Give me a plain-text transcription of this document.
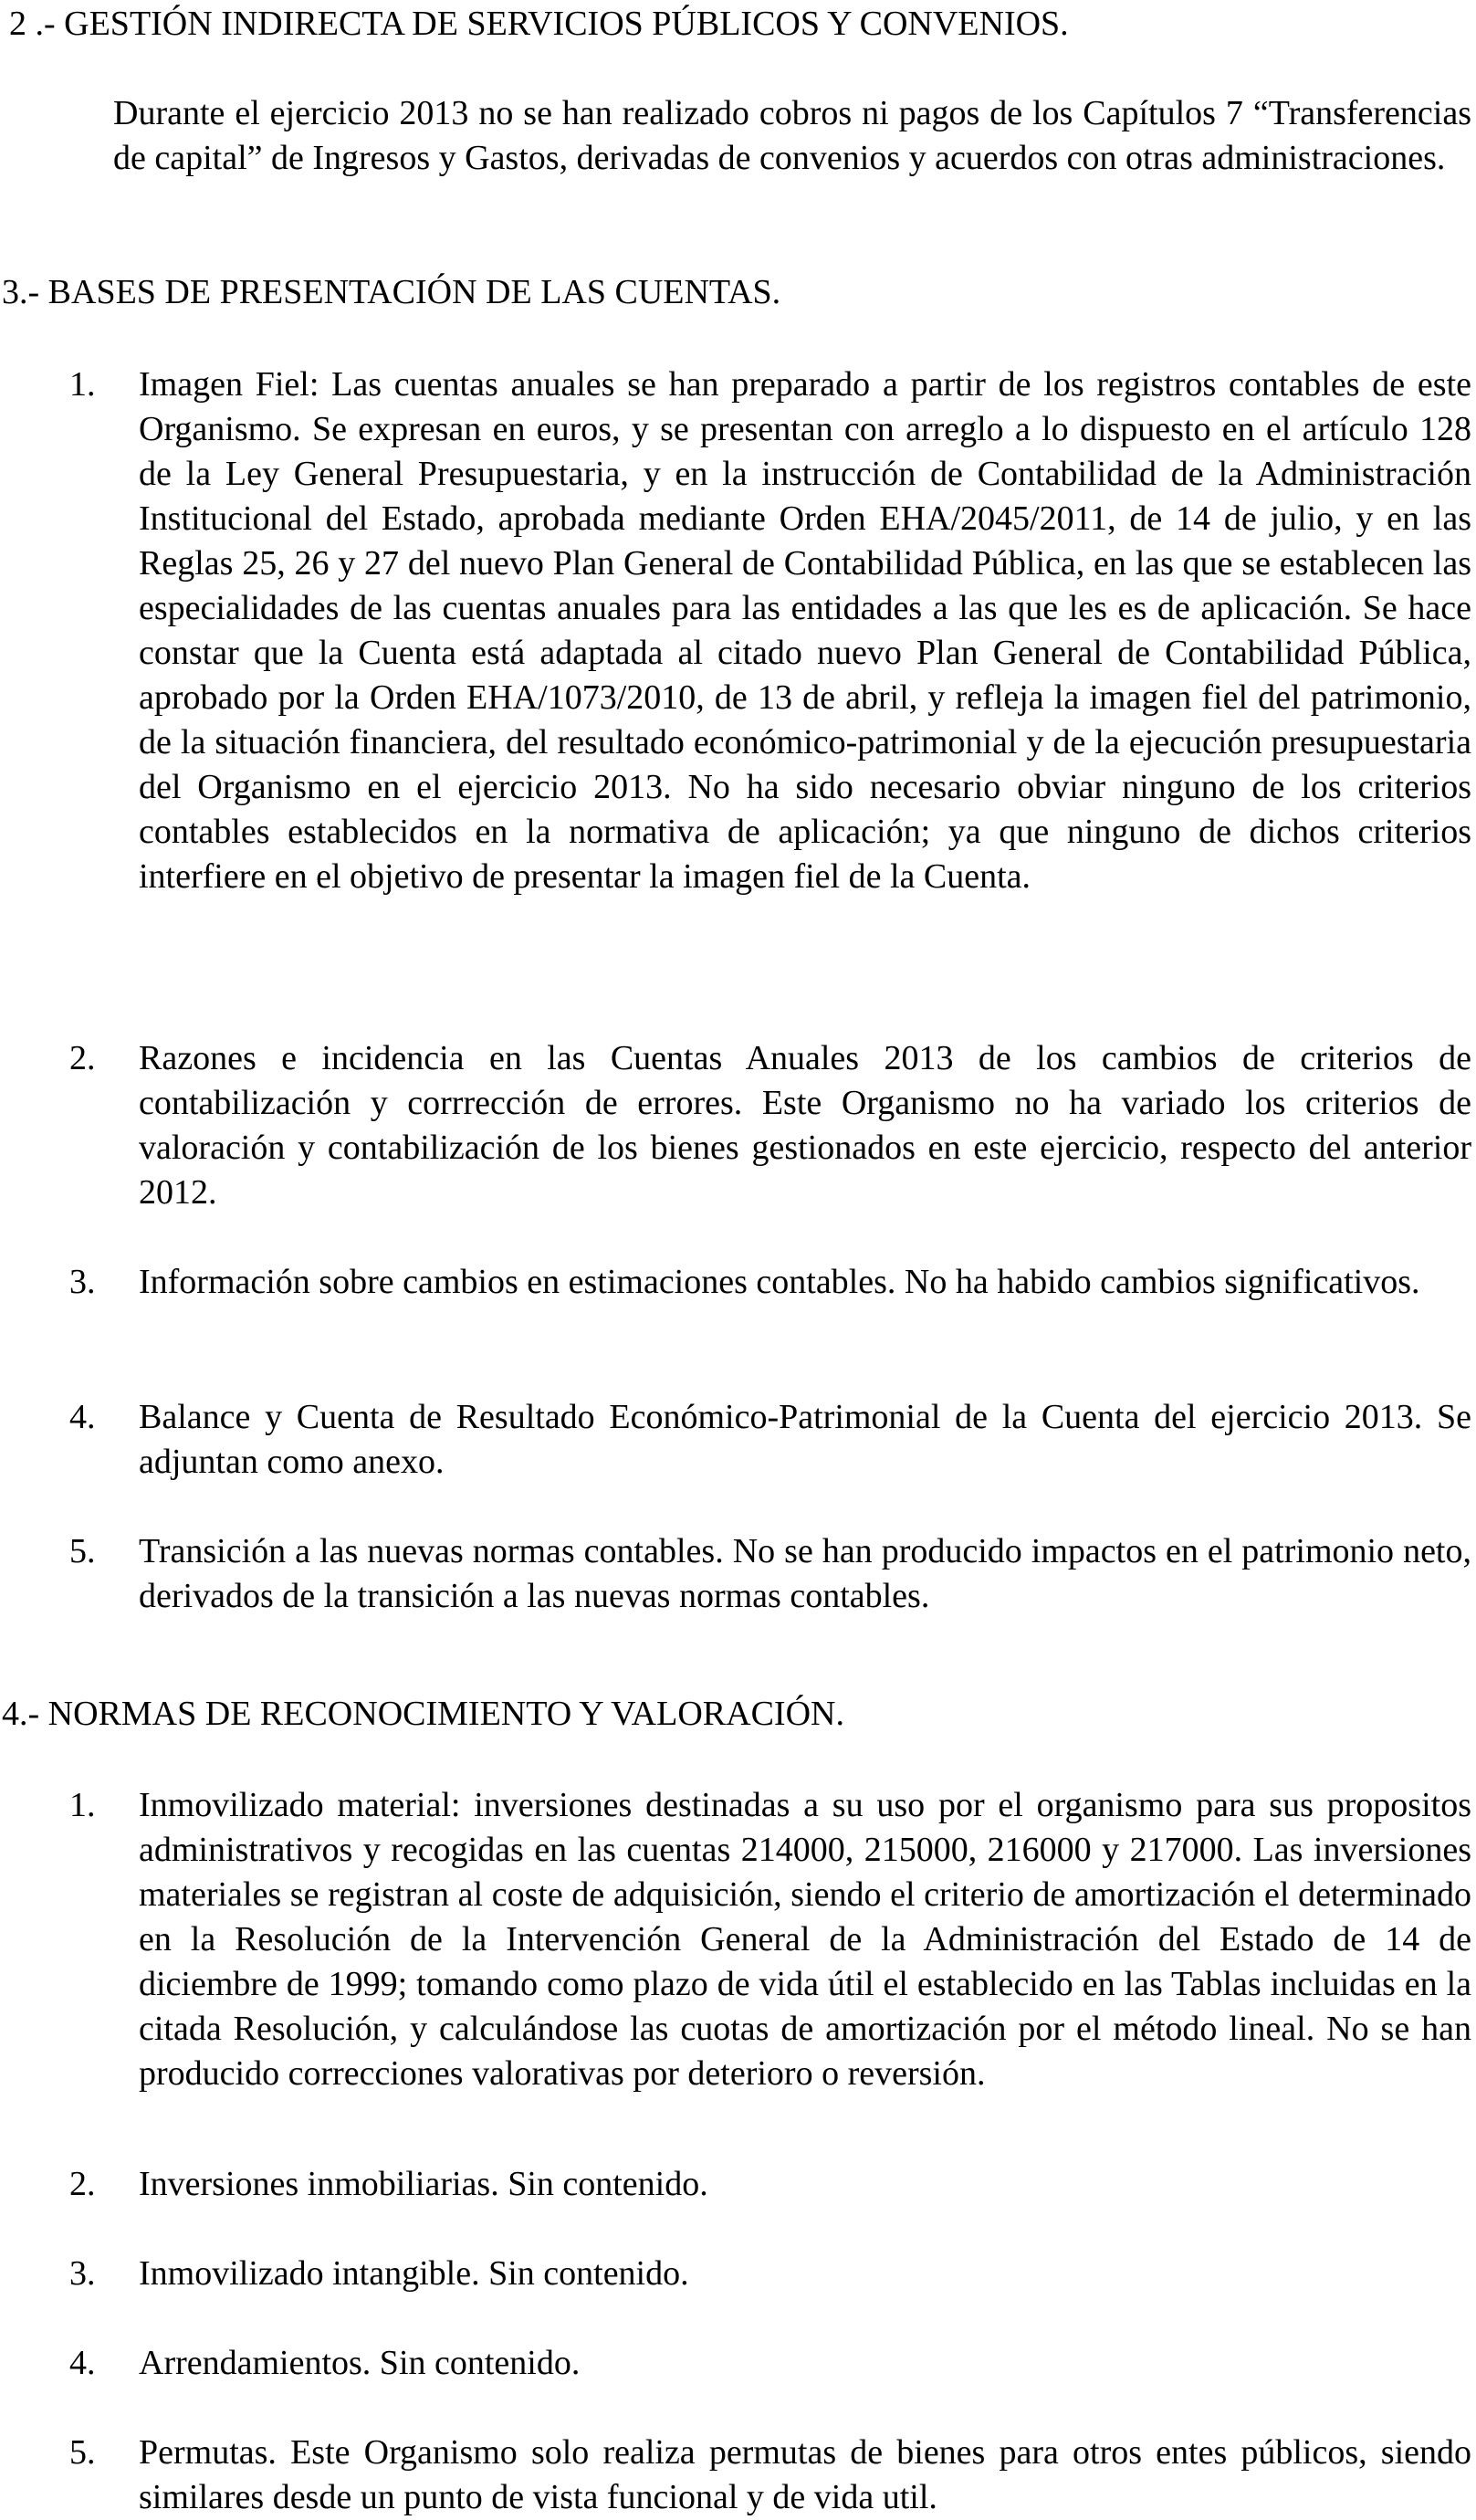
2 .- GESTIÓN INDIRECTA DE SERVICIOS PÚBLICOS Y CONVENIOS.

Durante el ejercicio 2013 no se han realizado cobros ni pagos de los Capítulos 7 “Transferencias de capital” de Ingresos y Gastos, derivadas de convenios y acuerdos con otras administraciones.

3.- BASES DE PRESENTACIÓN DE LAS CUENTAS.
1. Imagen Fiel: Las cuentas anuales se han preparado a partir de los registros contables de este Organismo. Se expresan en euros, y se presentan con arreglo a lo dispuesto en el artículo 128 de la Ley General Presupuestaria, y en la instrucción de Contabilidad de la Administración Institucional del Estado, aprobada mediante Orden EHA/2045/2011, de 14 de julio, y en las Reglas 25, 26 y 27 del nuevo Plan General de Contabilidad Pública, en las que se establecen las especialidades de las cuentas anuales para las entidades a las que les es de aplicación. Se hace constar que la Cuenta está adaptada al citado nuevo Plan General de Contabilidad Pública, aprobado por la Orden EHA/1073/2010, de 13 de abril, y refleja la imagen fiel del patrimonio, de la situación financiera, del resultado económico-patrimonial y de la ejecución presupuestaria del Organismo en el ejercicio 2013. No ha sido necesario obviar ninguno de los criterios contables establecidos en la normativa de aplicación; ya que ninguno de dichos criterios interfiere en el objetivo de presentar la imagen fiel de la Cuenta.

2. Razones e incidencia en las Cuentas Anuales 2013 de los cambios de criterios de contabilización y corrrección de errores. Este Organismo no ha variado los criterios de valoración y contabilización de los bienes gestionados en este ejercicio, respecto del anterior 2012.

3. Información sobre cambios en estimaciones contables. No ha habido cambios significativos.

4. Balance y Cuenta de Resultado Económico-Patrimonial de la Cuenta del ejercicio 2013. Se adjuntan como anexo.

5. Transición a las nuevas normas contables. No se han producido impactos en el patrimonio neto, derivados de la transición a las nuevas normas contables.

4.- NORMAS DE RECONOCIMIENTO Y VALORACIÓN.
1. Inmovilizado material: inversiones destinadas a su uso por el organismo para sus propositos administrativos y recogidas en las cuentas 214000, 215000, 216000 y 217000. Las inversiones materiales se registran al coste de adquisición, siendo el criterio de amortización el determinado en la Resolución de la Intervención General de la Administración del Estado de 14 de diciembre de 1999; tomando como plazo de vida útil el establecido en las Tablas incluidas en la citada Resolución, y calculándose las cuotas de amortización por el método lineal. No se han producido correcciones valorativas por deterioro o reversión.

2. Inversiones inmobiliarias. Sin contenido.

3. Inmovilizado intangible. Sin contenido.

4. Arrendamientos. Sin contenido.

5. Permutas. Este Organismo solo realiza permutas de bienes para otros entes públicos, siendo similares desde un punto de vista funcional y de vida util.
